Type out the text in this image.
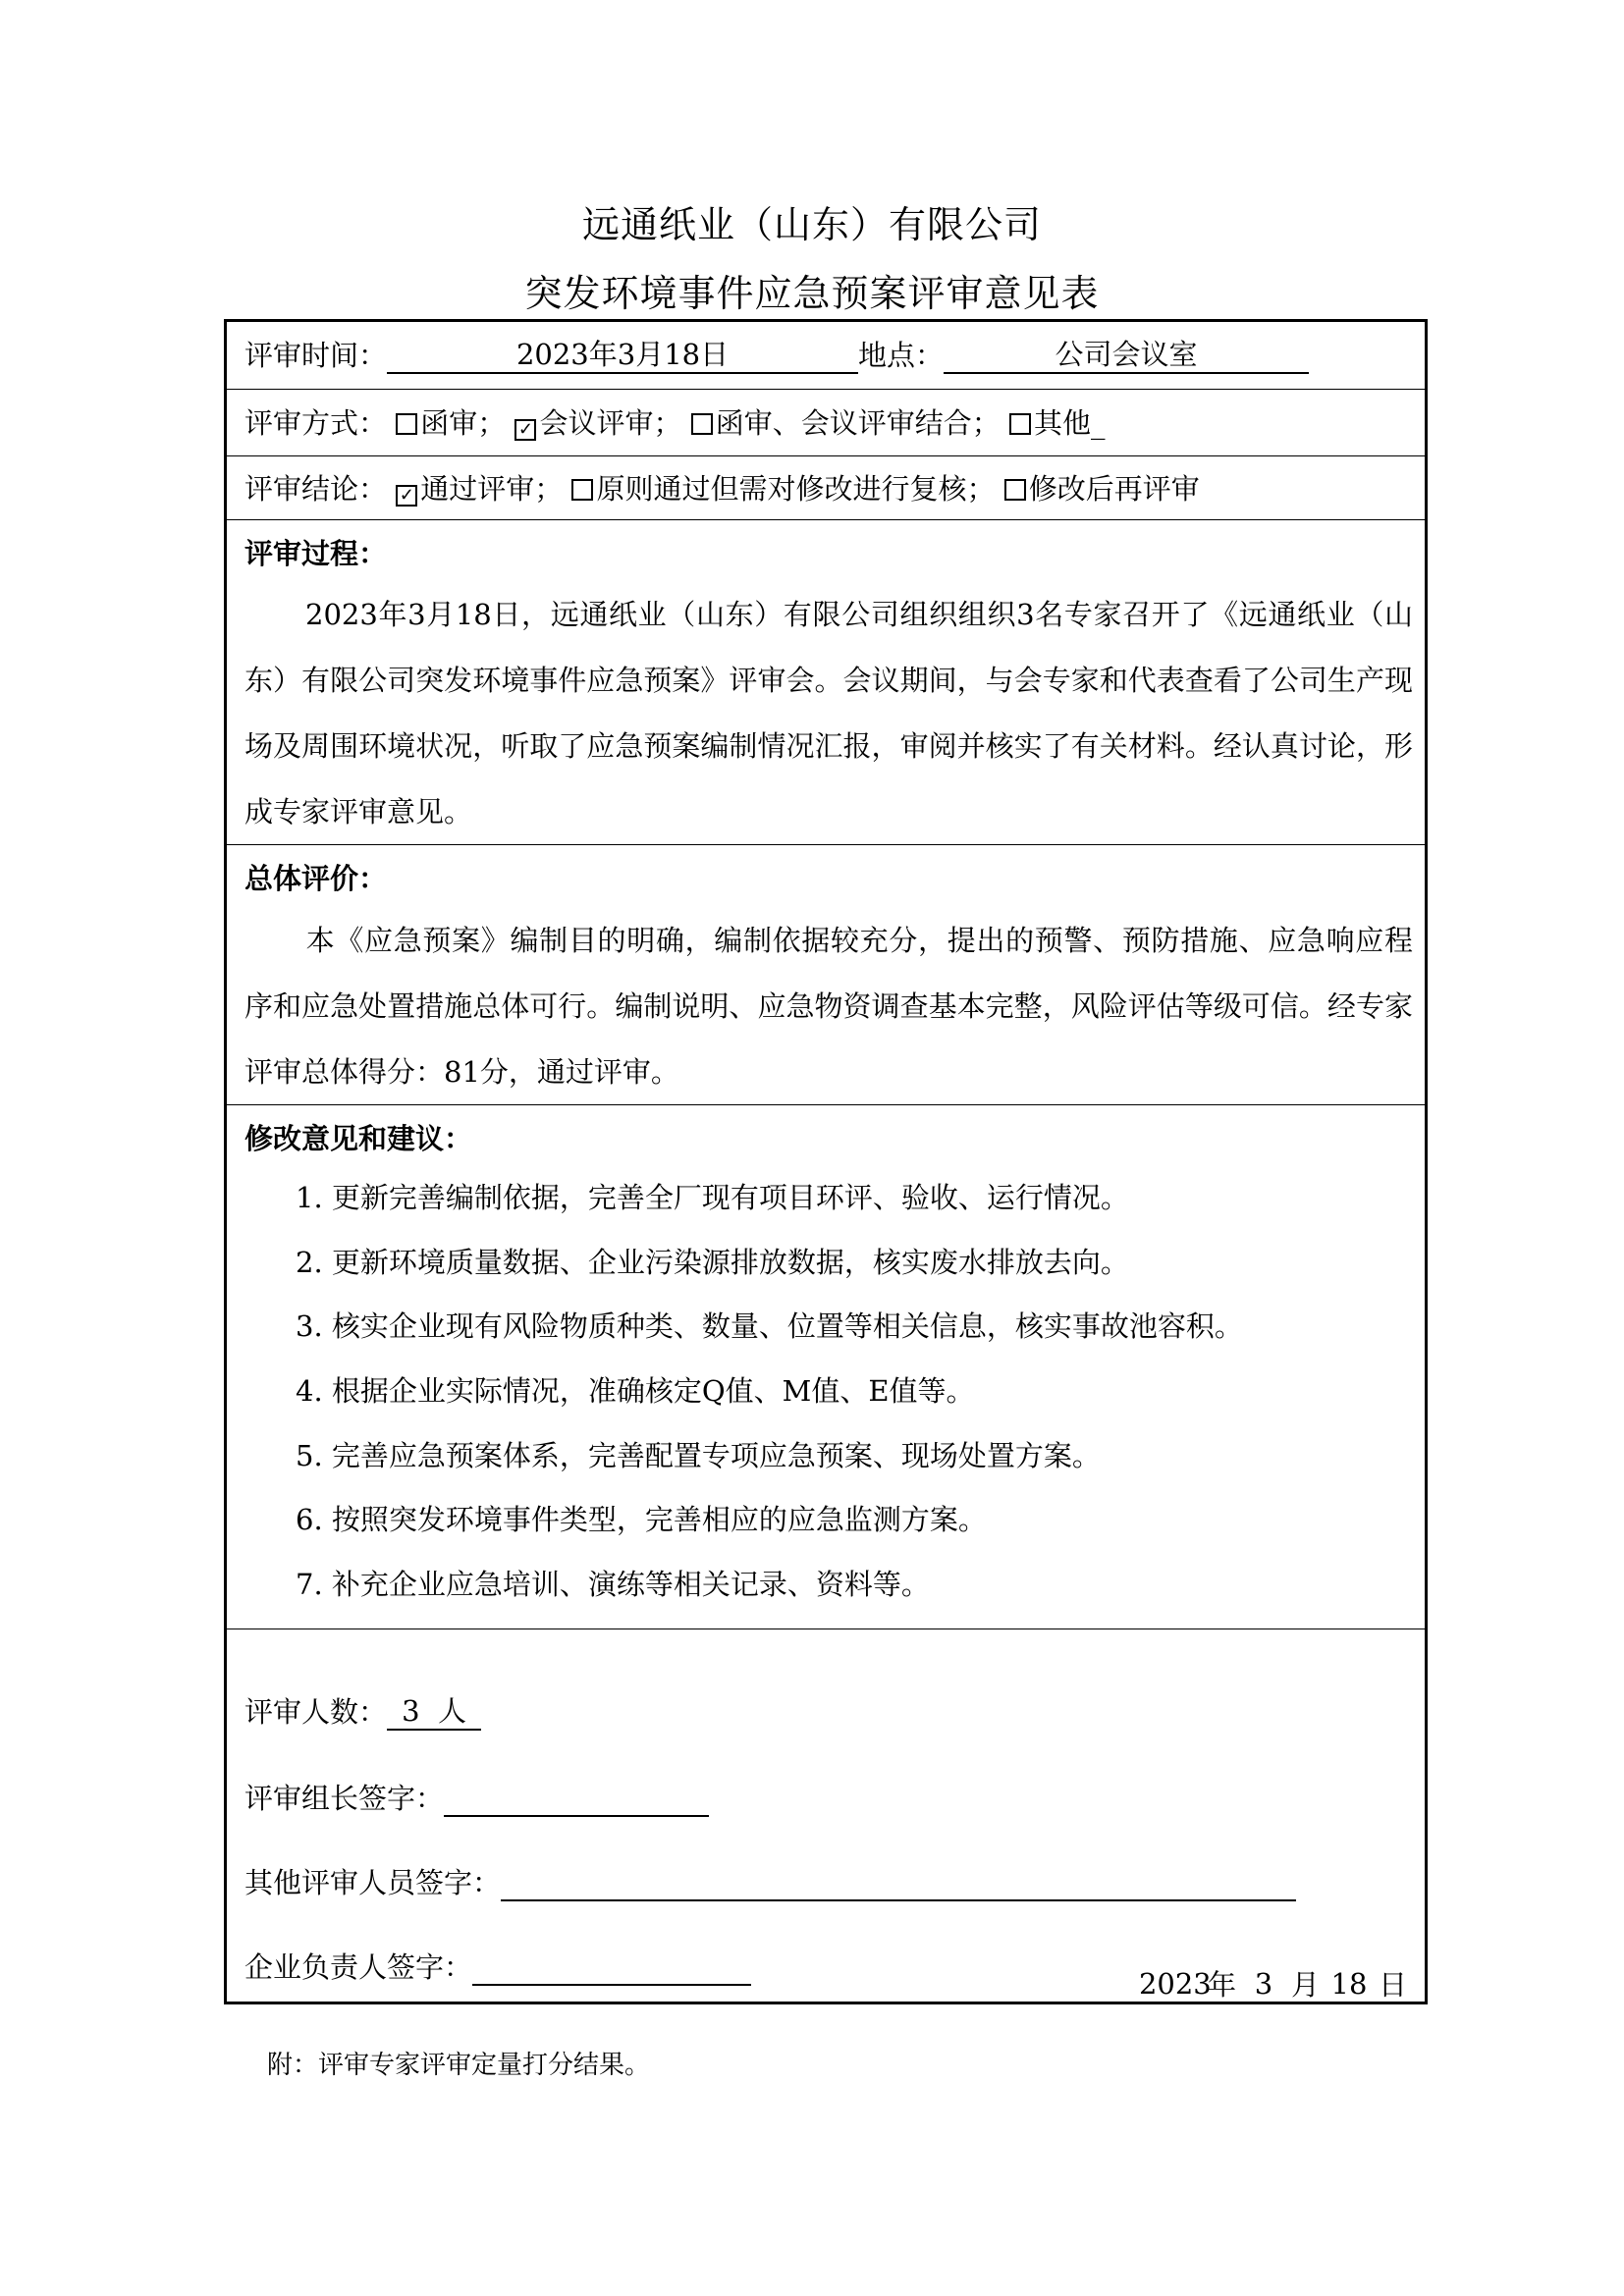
远通纸业（山东）有限公司
突发环境事件应急预案评审意见表
评审时间：	2023年3月18日	地点：	公司会议室
评审方式： 函审； ✓ 会议评审； 函审、会议评审结合； 其他_
评审结论： ✓ 通过评审； 原则通过但需对修改进行复核； 修改后再评审
评审过程：
2023年3月18日，远通纸业（山东）有限公司组织组织3名专家召开了《远通纸业（山东）有限公司突发环境事件应急预案》评审会。会议期间，与会专家和代表查看了公司生产现场及周围环境状况，听取了应急预案编制情况汇报，审阅并核实了有关材料。经认真讨论，形成专家评审意见。
总体评价：
本《应急预案》编制目的明确，编制依据较充分，提出的预警、预防措施、应急响应程序和应急处置措施总体可行。编制说明、应急物资调查基本完整，风险评估等级可信。经专家评审总体得分：81分，通过评审。
修改意见和建议：
1. 更新完善编制依据，完善全厂现有项目环评、验收、运行情况。
2. 更新环境质量数据、企业污染源排放数据，核实废水排放去向。
3. 核实企业现有风险物质种类、数量、位置等相关信息，核实事故池容积。
4. 根据企业实际情况，准确核定Q值、M值、E值等。
5. 完善应急预案体系，完善配置专项应急预案、现场处置方案。
6. 按照突发环境事件类型，完善相应的应急监测方案。
7. 补充企业应急培训、演练等相关记录、资料等。
评审人数： 3 人
评审组长签字：
其他评审人员签字：
企业负责人签字：	2023年 3 月 18 日
附：评审专家评审定量打分结果。
